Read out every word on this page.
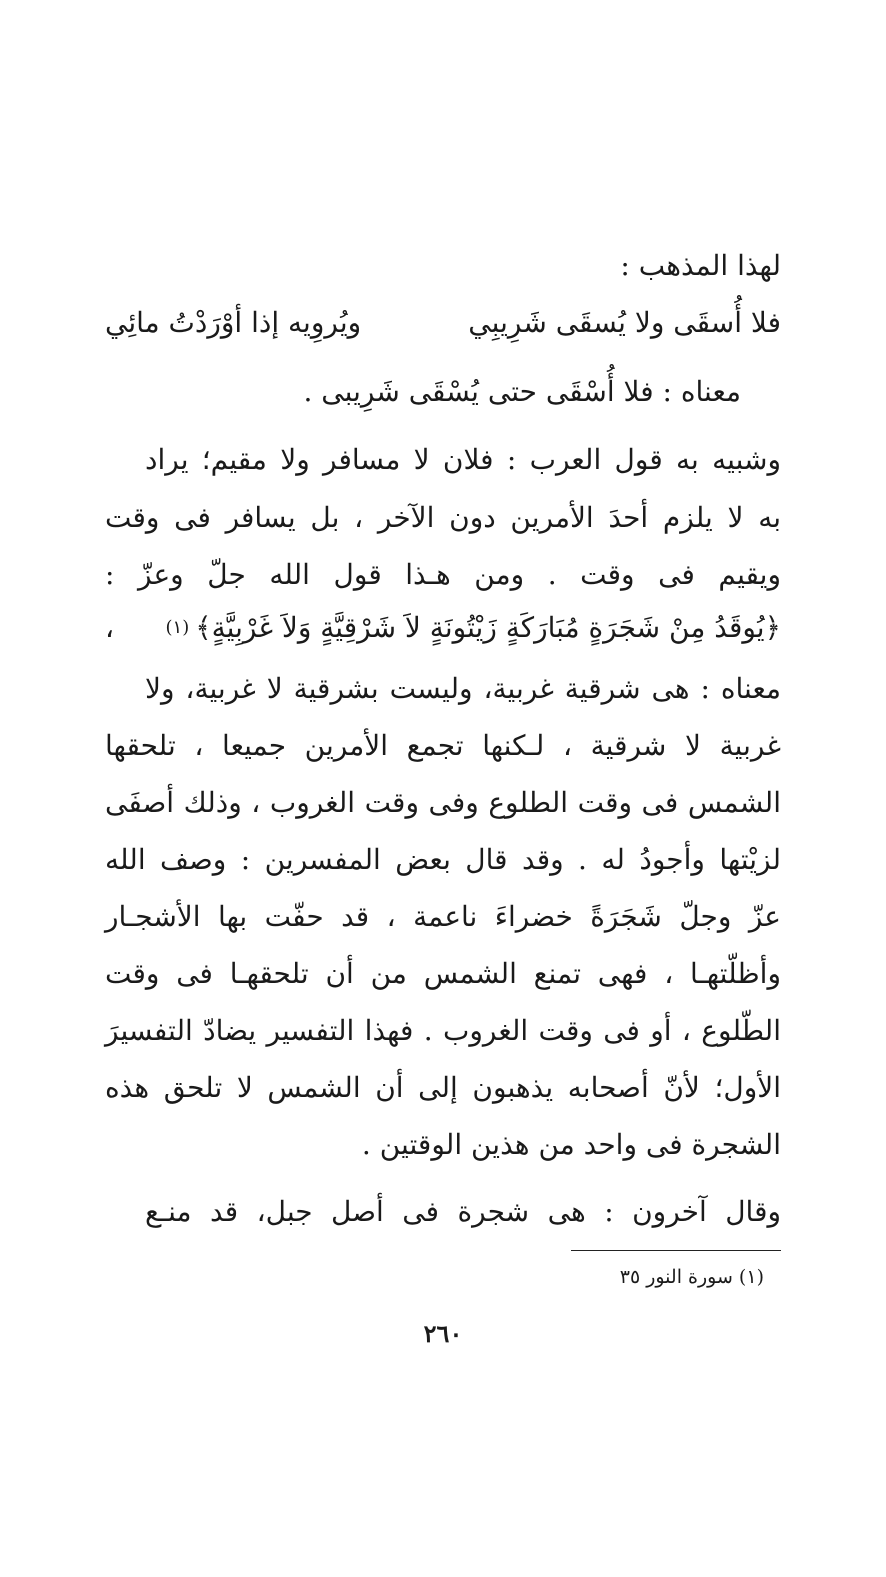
لهذا المذهب :
فلا أُسقَى ولا يُسقَى شَرِيبِي
ويُروِيه إذا أوْرَدْتُ مائِي
معناه : فلا أُسْقَى حتى يُسْقَى شَرِيبى .
وشبيه به قول العرب : فلان لا مسافر ولا مقيم؛ يراد
به لا يلزم أحدَ الأمرين دون الآخر ، بل يسافر فى وقت
ويقيم فى وقت . ومن هـذا قول الله جلّ وعزّ :
﴿يُوقَدُ مِنْ شَجَرَةٍ مُبَارَكَةٍ زَيْتُونَةٍ لاَ شَرْقِيَّةٍ وَلاَ غَرْبِيَّةٍ﴾
(١)
،
معناه : هى شرقية غربية، وليست بشرقية لا غربية، ولا
غربية لا شرقية ، لـكنها تجمع الأمرين جميعا ، تلحقها
الشمس فى وقت الطلوع وفى وقت الغروب ، وذلك أصفَى
لزيْتها وأجودُ له . وقد قال بعض المفسرين : وصف الله
عزّ وجلّ شَجَرَةً خضراءَ ناعمة ، قد حفّت بها الأشجـار
وأظلّتهـا ، فهى تمنع الشمس من أن تلحقهـا فى وقت
الطّلوع ، أو فى وقت الغروب . فهذا التفسير يضادّ التفسيرَ
الأول؛ لأنّ أصحابه يذهبون إلى أن الشمس لا تلحق هذه
الشجرة فى واحد من هذين الوقتين .
وقال آخرون : هى شجرة فى أصل جبل، قد منـع
(١) سورة النور ٣٥
٢٦٠
